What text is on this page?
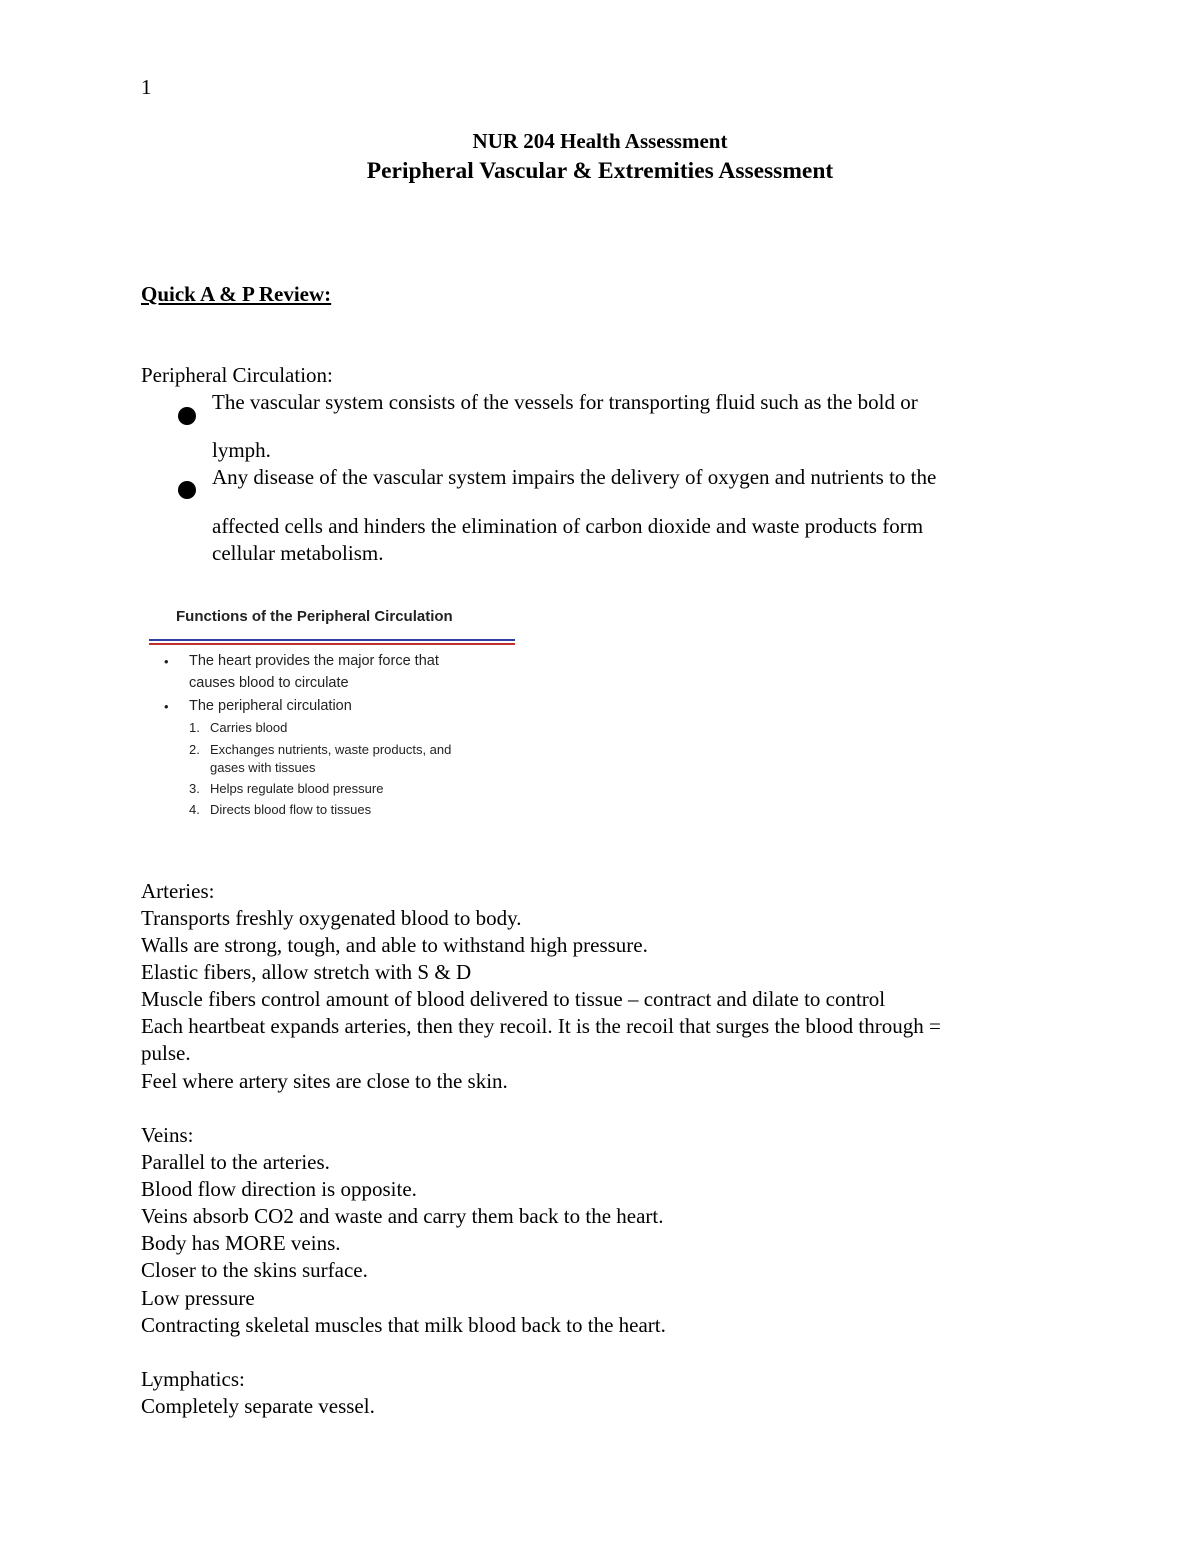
1
NUR 204 Health Assessment
Peripheral Vascular & Extremities Assessment
Quick A & P Review:
Peripheral Circulation:
The vascular system consists of the vessels for transporting fluid such as the bold or
lymph.
Any disease of the vascular system impairs the delivery of oxygen and nutrients to the
affected cells and hinders the elimination of carbon dioxide and waste products form
cellular metabolism.
Functions of the Peripheral Circulation
• The heart provides the major force that
causes blood to circulate
• The peripheral circulation
1. Carries blood
2. Exchanges nutrients, waste products, and
gases with tissues
3. Helps regulate blood pressure
4. Directs blood flow to tissues
Arteries:
Transports freshly oxygenated blood to body.
Walls are strong, tough, and able to withstand high pressure.
Elastic fibers, allow stretch with S & D
Muscle fibers control amount of blood delivered to tissue – contract and dilate to control
Each heartbeat expands arteries, then they recoil. It is the recoil that surges the blood through =
pulse.
Feel where artery sites are close to the skin.
Veins:
Parallel to the arteries.
Blood flow direction is opposite.
Veins absorb CO2 and waste and carry them back to the heart.
Body has MORE veins.
Closer to the skins surface.
Low pressure
Contracting skeletal muscles that milk blood back to the heart.
Lymphatics:
Completely separate vessel.
